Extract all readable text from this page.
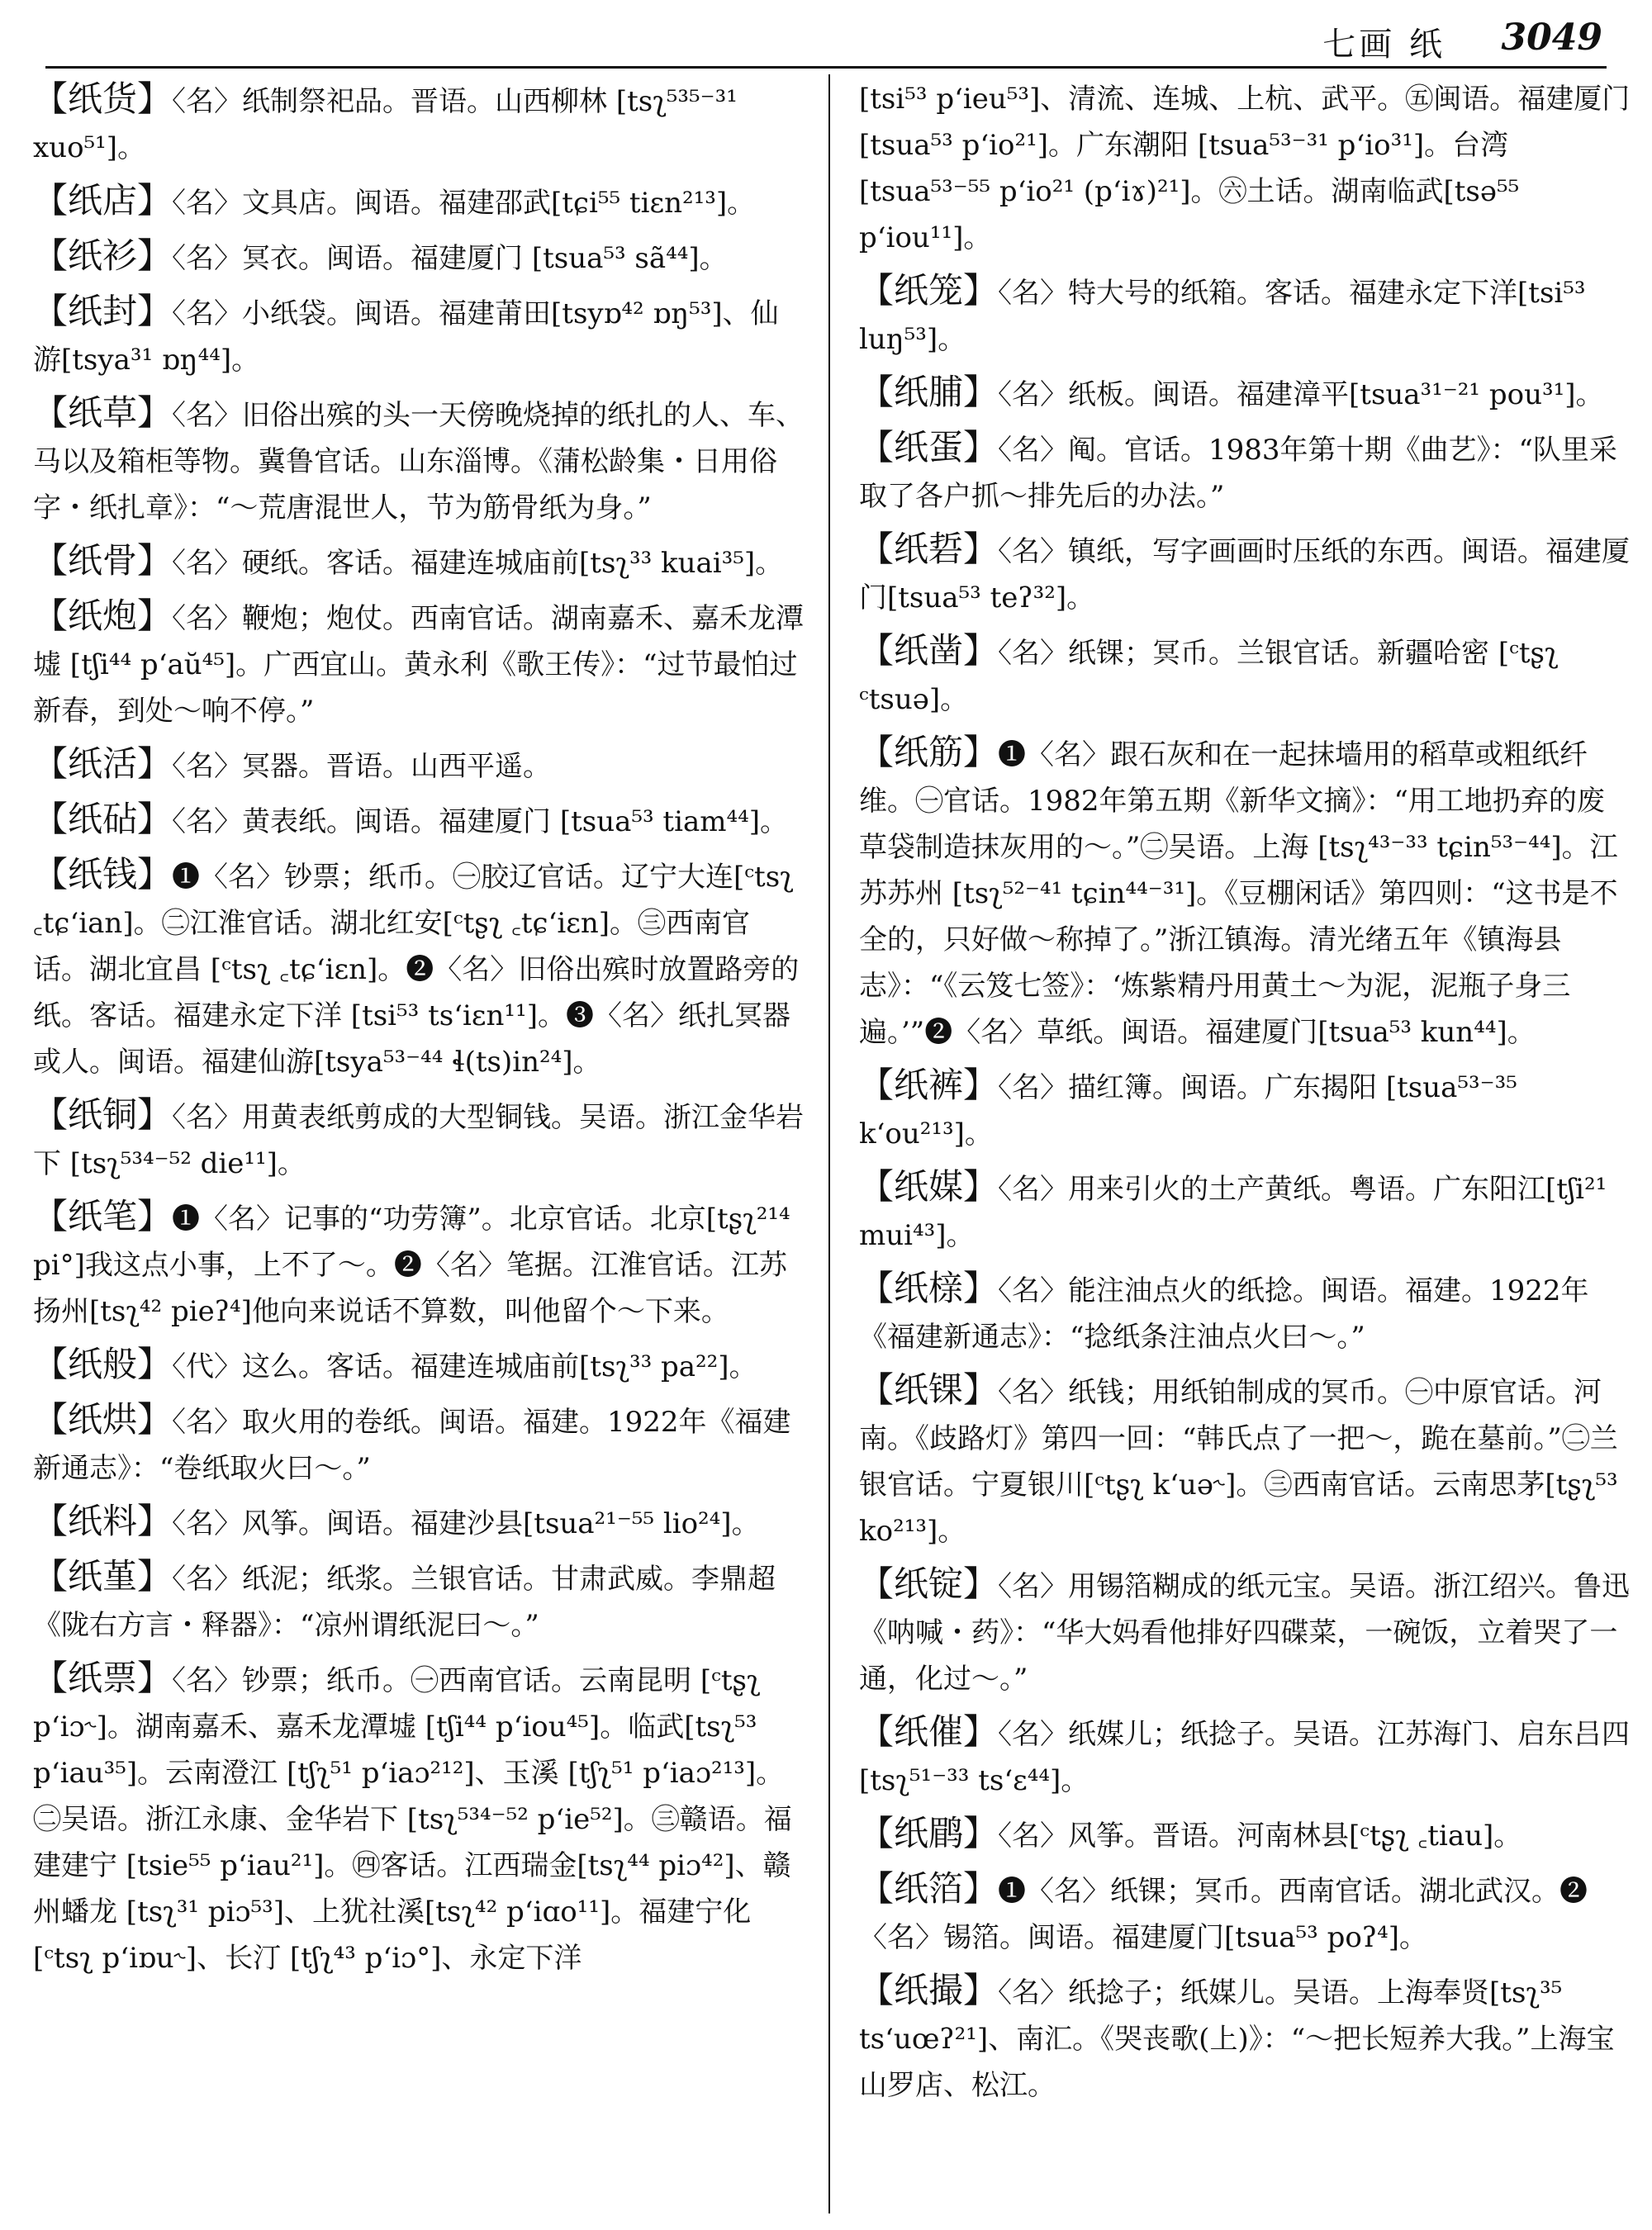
七画 纸 3049

【纸货】〈名〉纸制祭祀品。晋语。山西柳林 [tsʅ⁵³⁵⁻³¹ xuo⁵¹]。

【纸店】〈名〉文具店。闽语。福建邵武[tɕi⁵⁵ tiɛn²¹³]。

【纸衫】〈名〉冥衣。闽语。福建厦门 [tsua⁵³ sã⁴⁴]。

【纸封】〈名〉小纸袋。闽语。福建莆田[tsyɒ⁴² ɒŋ⁵³]、仙游[tsya³¹ ɒŋ⁴⁴]。

【纸草】〈名〉旧俗出殡的头一天傍晚烧掉的纸扎的人、车、马以及箱柜等物。冀鲁官话。山东淄博。《蒲松龄集・日用俗字・纸扎章》：“～荒唐混世人，节为筋骨纸为身。”

【纸骨】〈名〉硬纸。客话。福建连城庙前[tsʅ³³ kuai³⁵]。

【纸炮】〈名〉鞭炮；炮仗。西南官话。湖南嘉禾、嘉禾龙潭墟 [tʃi⁴⁴ p‘aŭ⁴⁵]。广西宜山。黄永利《歌王传》：“过节最怕过新春，到处～响不停。”

【纸活】〈名〉冥器。晋语。山西平遥。

【纸砧】〈名〉黄表纸。闽语。福建厦门 [tsua⁵³ tiam⁴⁴]。

【纸钱】❶〈名〉钞票；纸币。㊀胶辽官话。辽宁大连[ᶜtsʅ ꜀tɕ‘ian]。㊁江淮官话。湖北红安[ᶜtʂʅ ꜀tɕ‘iɛn]。㊂西南官话。湖北宜昌 [ᶜtsʅ ꜀tɕ‘iɛn]。❷〈名〉旧俗出殡时放置路旁的纸。客话。福建永定下洋 [tsi⁵³ ts‘iɛn¹¹]。❸〈名〉纸扎冥器或人。闽语。福建仙游[tsya⁵³⁻⁴⁴ ɬ(ts)in²⁴]。

【纸铜】〈名〉用黄表纸剪成的大型铜钱。吴语。浙江金华岩下 [tsʅ⁵³⁴⁻⁵² die¹¹]。

【纸笔】❶〈名〉记事的“功劳簿”。北京官话。北京[tʂʅ²¹⁴ pi°]我这点小事，上不了～。❷〈名〉笔据。江淮官话。江苏扬州[tsʅ⁴² pieʔ⁴]他向来说话不算数，叫他留个～下来。

【纸般】〈代〉这么。客话。福建连城庙前[tsʅ³³ pa²²]。

【纸烘】〈名〉取火用的卷纸。闽语。福建。1922年《福建新通志》：“卷纸取火曰～。”

【纸料】〈名〉风筝。闽语。福建沙县[tsua²¹⁻⁵⁵ lio²⁴]。

【纸堇】〈名〉纸泥；纸浆。兰银官话。甘肃武威。李鼎超《陇右方言・释器》：“凉州谓纸泥曰～。”

【纸票】〈名〉钞票；纸币。㊀西南官话。云南昆明 [ᶜtʂʅ p‘iɔ˞]。湖南嘉禾、嘉禾龙潭墟 [tʃi⁴⁴ p‘iou⁴⁵]。临武[tsʅ⁵³ p‘iau³⁵]。云南澄江 [tʃʅ⁵¹ p‘iaɔ²¹²]、玉溪 [tʃʅ⁵¹ p‘iaɔ²¹³]。㊁吴语。浙江永康、金华岩下 [tsʅ⁵³⁴⁻⁵² p‘ie⁵²]。㊂赣语。福建建宁 [tsie⁵⁵ p‘iau²¹]。㊃客话。江西瑞金[tsʅ⁴⁴ piɔ⁴²]、赣州蟠龙 [tsʅ³¹ piɔ⁵³]、上犹社溪[tsʅ⁴² p‘iɑo¹¹]。福建宁化 [ᶜtsʅ p‘iɒu˞]、长汀 [tʃʅ⁴³ p‘iɔ°]、永定下洋

[tsi⁵³ p‘ieu⁵³]、清流、连城、上杭、武平。㊄闽语。福建厦门 [tsua⁵³ p‘io²¹]。广东潮阳 [tsua⁵³⁻³¹ p‘io³¹]。台湾[tsua⁵³⁻⁵⁵ p‘io²¹ (p‘iɤ)²¹]。㊅土话。湖南临武[tsə⁵⁵ p‘iou¹¹]。

【纸笼】〈名〉特大号的纸箱。客话。福建永定下洋[tsi⁵³ luŋ⁵³]。

【纸脯】〈名〉纸板。闽语。福建漳平[tsua³¹⁻²¹ pou³¹]。

【纸蛋】〈名〉阄。官话。1983年第十期《曲艺》：“队里采取了各户抓～排先后的办法。”

【纸硩】〈名〉镇纸，写字画画时压纸的东西。闽语。福建厦门[tsua⁵³ teʔ³²]。

【纸凿】〈名〉纸锞；冥币。兰银官话。新疆哈密 [ᶜtʂʅ ᶜtsuə]。

【纸筋】❶〈名〉跟石灰和在一起抹墙用的稻草或粗纸纤维。㊀官话。1982年第五期《新华文摘》：“用工地扔弃的废草袋制造抹灰用的～。”㊁吴语。上海 [tsʅ⁴³⁻³³ tɕin⁵³⁻⁴⁴]。江苏苏州 [tsʅ⁵²⁻⁴¹ tɕin⁴⁴⁻³¹]。《豆棚闲话》第四则：“这书是不全的，只好做～称掉了。”浙江镇海。清光绪五年《镇海县志》：“《云笈七签》：‘炼紫精丹用黄土～为泥，泥瓶子身三遍。’”❷〈名〉草纸。闽语。福建厦门[tsua⁵³ kun⁴⁴]。

【纸裤】〈名〉描红簿。闽语。广东揭阳 [tsua⁵³⁻³⁵ k‘ou²¹³]。

【纸媒】〈名〉用来引火的土产黄纸。粤语。广东阳江[tʃi²¹ mui⁴³]。

【纸榇】〈名〉能注油点火的纸捻。闽语。福建。1922年《福建新通志》：“捻纸条注油点火曰～。”

【纸锞】〈名〉纸钱；用纸铂制成的冥币。㊀中原官话。河南。《歧路灯》第四一回：“韩氏点了一把～，跪在墓前。”㊁兰银官话。宁夏银川[ᶜtʂʅ k‘uə˞]。㊂西南官话。云南思茅[tʂʅ⁵³ ko²¹³]。

【纸锭】〈名〉用锡箔糊成的纸元宝。吴语。浙江绍兴。鲁迅《呐喊・药》：“华大妈看他排好四碟菜，一碗饭，立着哭了一通，化过～。”

【纸催】〈名〉纸媒儿；纸捻子。吴语。江苏海门、启东吕四[tsʅ⁵¹⁻³³ ts‘ɛ⁴⁴]。

【纸鹛】〈名〉风筝。晋语。河南林县[ᶜtʂʅ ꜀tiau]。

【纸箔】❶〈名〉纸锞；冥币。西南官话。湖北武汉。❷〈名〉锡箔。闽语。福建厦门[tsua⁵³ poʔ⁴]。

【纸撮】〈名〉纸捻子；纸媒儿。吴语。上海奉贤[tsʅ³⁵ ts‘uœʔ²¹]、南汇。《哭丧歌(上)》：“～把长短养大我。”上海宝山罗店、松江。
